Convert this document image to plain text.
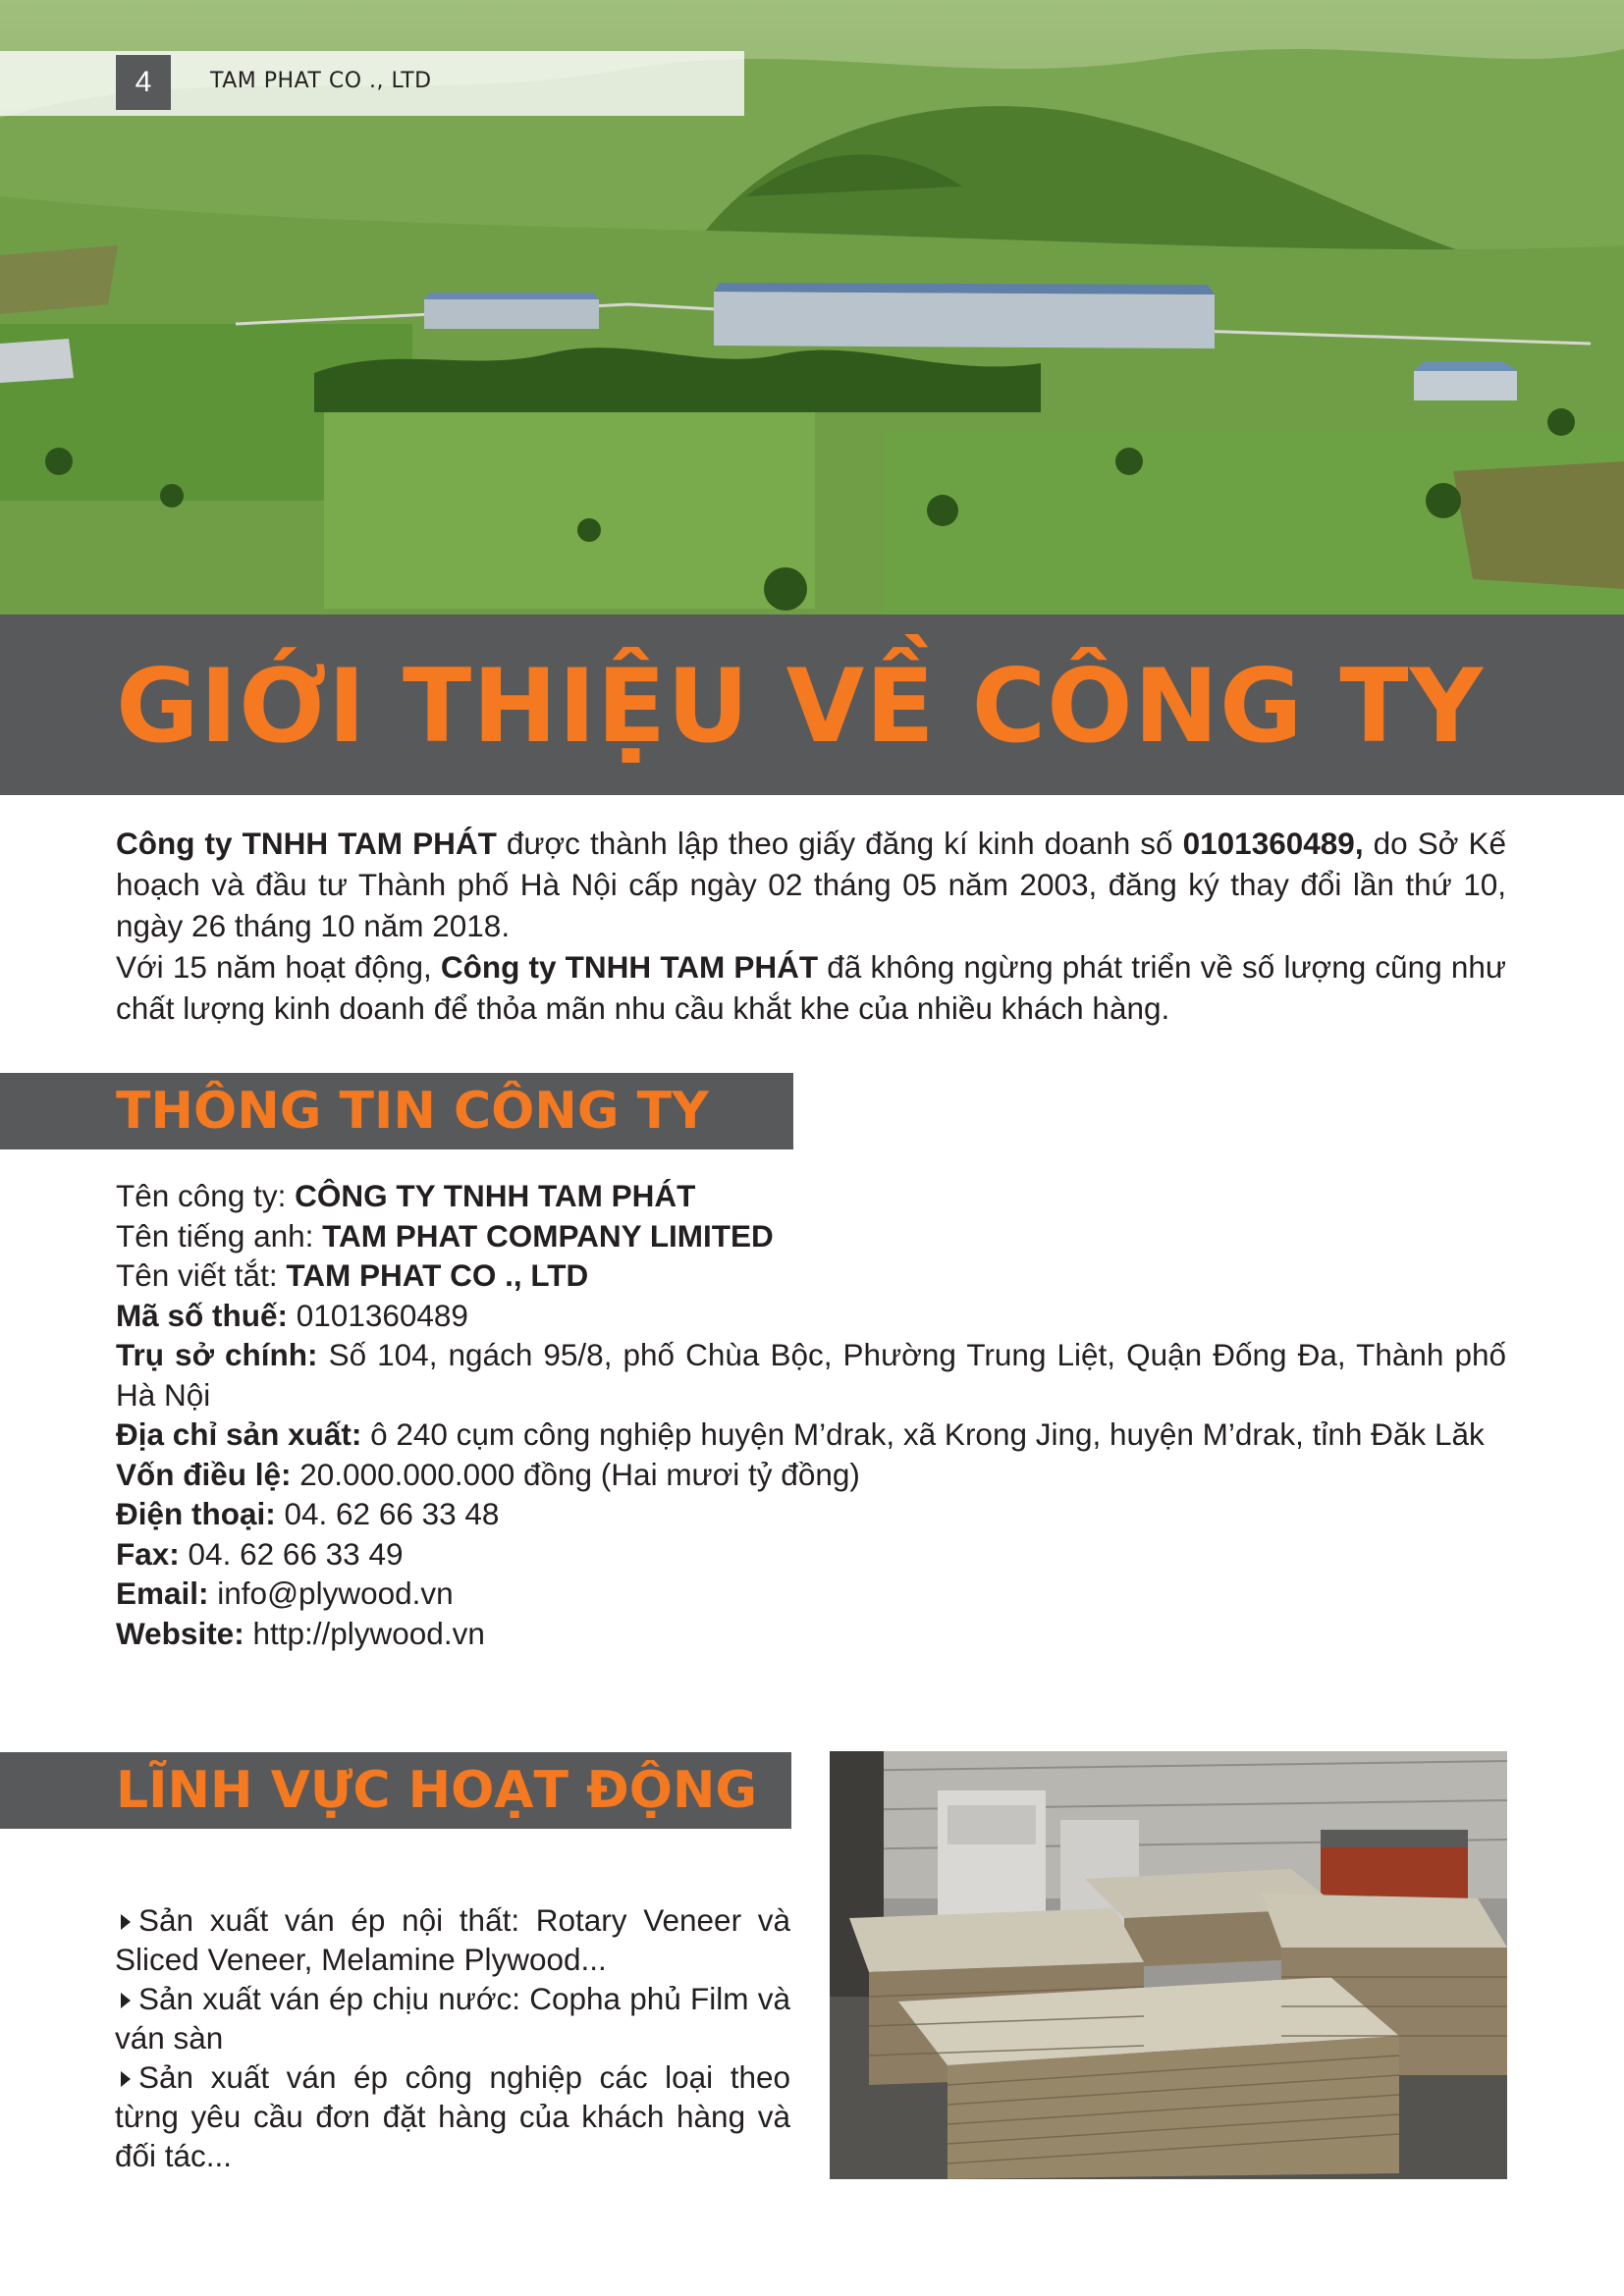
4	TAM PHAT CO ., LTD
GIỚI THIỆU VỀ CÔNG TY

Công ty TNHH TAM PHÁT được thành lập theo giấy đăng kí kinh doanh số 0101360489, do Sở Kế hoạch và đầu tư Thành phố Hà Nội cấp ngày 02 tháng 05 năm 2003, đăng ký thay đổi lần thứ 10, ngày 26 tháng 10 năm 2018.

Với 15 năm hoạt động, Công ty TNHH TAM PHÁT đã không ngừng phát triển về số lượng cũng như chất lượng kinh doanh để thỏa mãn nhu cầu khắt khe của nhiều khách hàng.

THÔNG TIN CÔNG TY

Tên công ty: CÔNG TY TNHH TAM PHÁT

Tên tiếng anh: TAM PHAT COMPANY LIMITED

Tên viết tắt: TAM PHAT CO ., LTD

Mã số thuế: 0101360489

Trụ sở chính: Số 104, ngách 95/8, phố Chùa Bộc, Phường Trung Liệt, Quận Đống Đa, Thành phố Hà Nội

Địa chỉ sản xuất: ô 240 cụm công nghiệp huyện M’drak, xã Krong Jing, huyện M’drak, tỉnh Đăk Lăk

Vốn điều lệ: 20.000.000.000 đồng (Hai mươi tỷ đồng)

Điện thoại: 04. 62 66 33 48

Fax: 04. 62 66 33 49

Email: info@plywood.vn

Website: http://plywood.vn

LĨNH VỰC HOẠT ĐỘNG

Sản xuất ván ép nội thất: Rotary Veneer và Sliced Veneer, Melamine Plywood...

Sản xuất ván ép chịu nước: Copha phủ Film và ván sàn

Sản xuất ván ép công nghiệp các loại theo từng yêu cầu đơn đặt hàng của khách hàng và đối tác...
